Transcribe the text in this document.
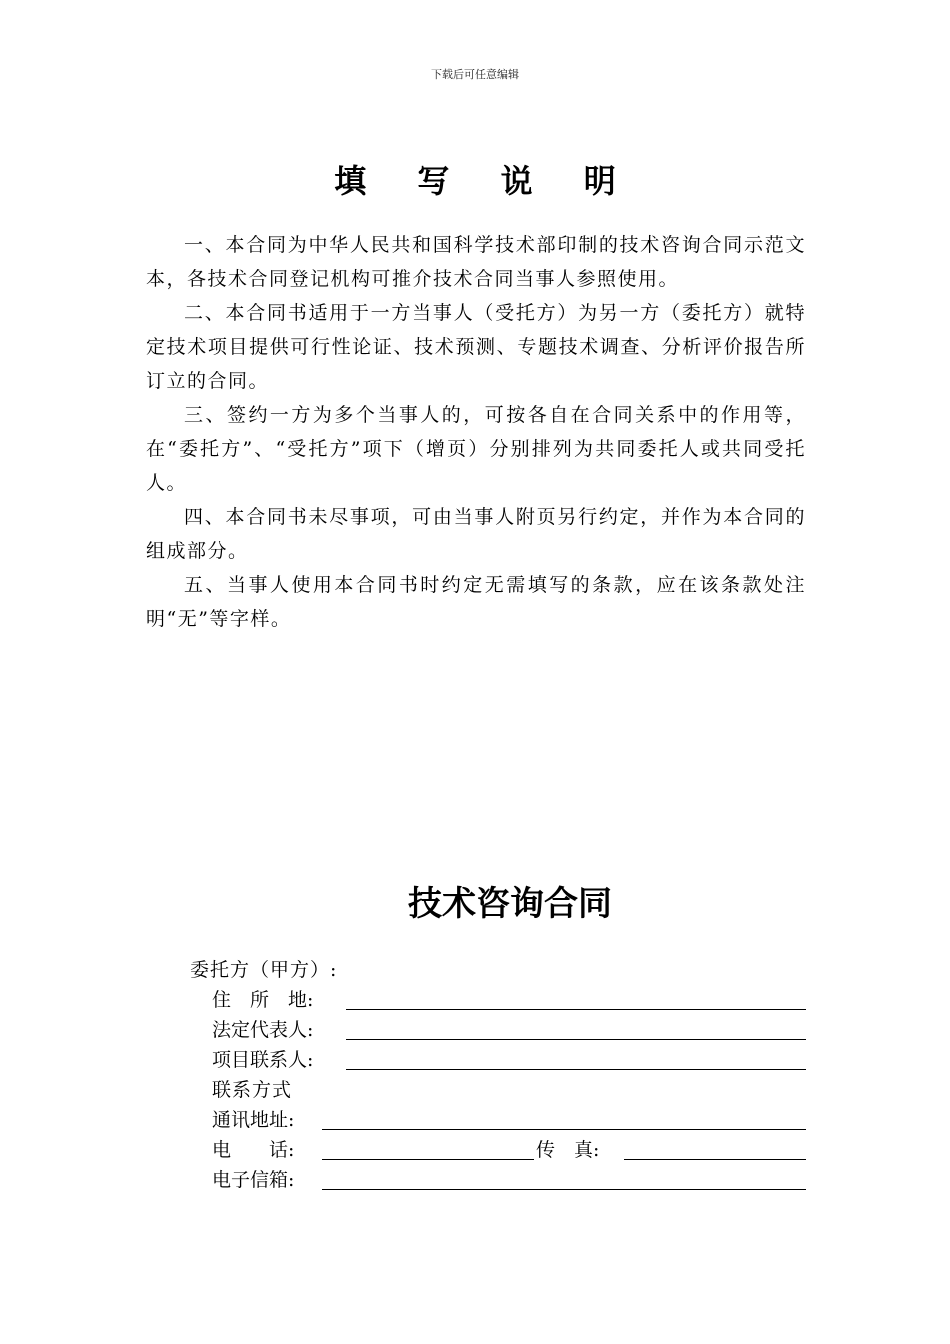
下载后可任意编辑
填 写 说 明

一、本合同为中华人民共和国科学技术部印制的技术咨询合同示范文本，各技术合同登记机构可推介技术合同当事人参照使用。

二、本合同书适用于一方当事人（受托方）为另一方（委托方）就特定技术项目提供可行性论证、技术预测、专题技术调查、分析评价报告所订立的合同。

三、签约一方为多个当事人的，可按各自在合同关系中的作用等，在“委托方”、“受托方”项下（增页）分别排列为共同委托人或共同受托人。

四、本合同书未尽事项，可由当事人附页另行约定，并作为本合同的组成部分。

五、当事人使用本合同书时约定无需填写的条款，应在该条款处注明“无”等字样。

技术咨询合同
委托方（甲方）:
住　所　地:
法定代表人:
项目联系人:
联系方式
通讯地址:
电　　话:	传　真:
电子信箱:
